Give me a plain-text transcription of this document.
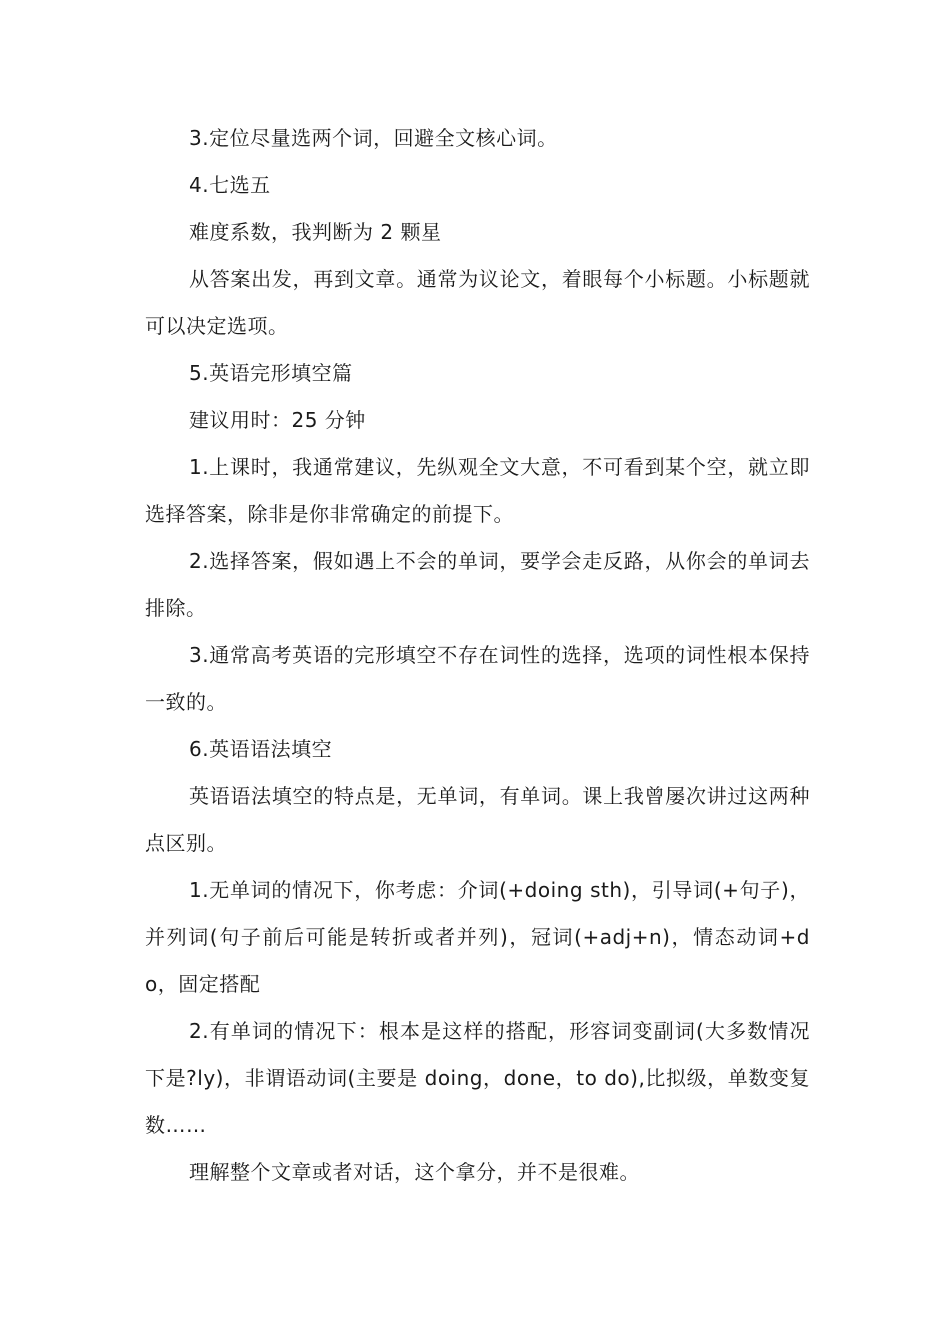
3.定位尽量选两个词，回避全文核心词。

4.七选五

难度系数，我判断为 2 颗星

从答案出发，再到文章。通常为议论文，着眼每个小标题。小标题就可以决定选项。

5.英语完形填空篇

建议用时：25 分钟

1.上课时，我通常建议，先纵观全文大意，不可看到某个空，就立即选择答案，除非是你非常确定的前提下。

2.选择答案，假如遇上不会的单词，要学会走反路，从你会的单词去排除。

3.通常高考英语的完形填空不存在词性的选择，选项的词性根本保持一致的。

6.英语语法填空

英语语法填空的特点是，无单词，有单词。课上我曾屡次讲过这两种点区别。

1.无单词的情况下，你考虑：介词(+doing sth)，引导词(+句子)，并列词(句子前后可能是转折或者并列)，冠词(+adj+n)，情态动词+do，固定搭配

2.有单词的情况下：根本是这样的搭配，形容词变副词(大多数情况下是?ly)，非谓语动词(主要是 doing，done，to do),比拟级，单数变复数……

理解整个文章或者对话，这个拿分，并不是很难。
